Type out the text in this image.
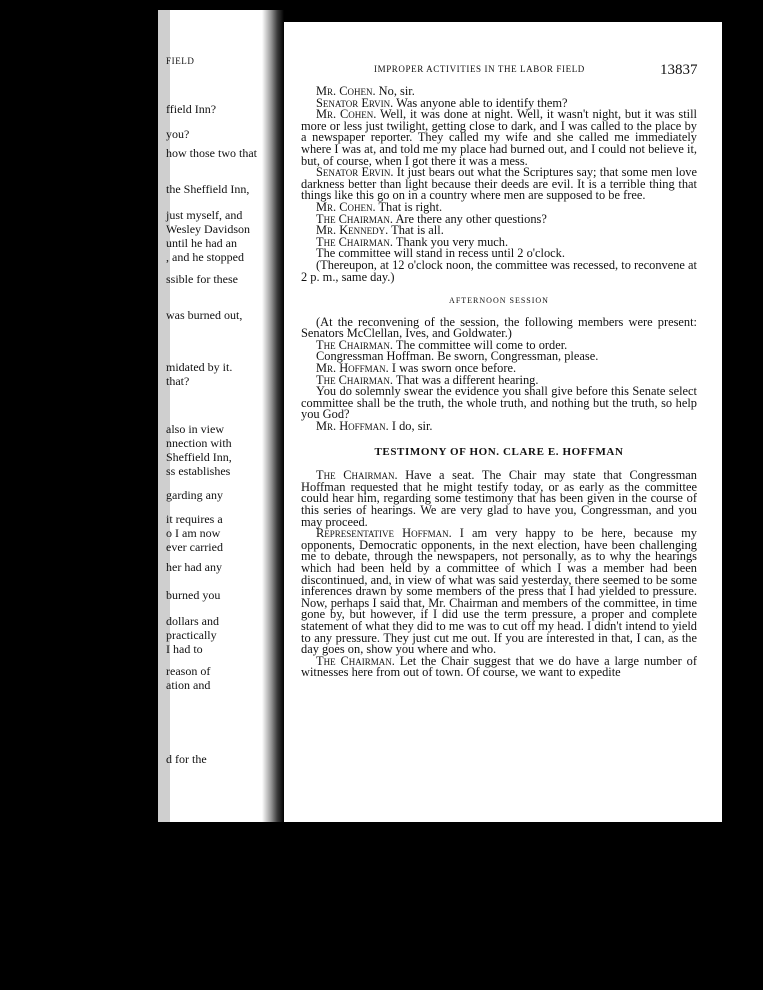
FIELD
ffield Inn?
you?
how those two that
the Sheffield Inn,
just myself, and
Wesley Davidson
until he had an
, and he stopped
ssible for these
was burned out,
midated by it.
that?
also in view
nnection with
Sheffield Inn,
ss establishes
garding any
it requires a
o I am now
ever carried
her had any
burned you
dollars and
practically
I had to
reason of
ation and
d for the
IMPROPER ACTIVITIES IN THE LABOR FIELD	13837

Mr. Cohen. No, sir.

Senator Ervin. Was anyone able to identify them?

Mr. Cohen. Well, it was done at night. Well, it wasn't night, but it was still more or less just twilight, getting close to dark, and I was called to the place by a newspaper reporter. They called my wife and she called me immediately where I was at, and told me my place had burned out, and I could not believe it, but, of course, when I got there it was a mess.

Senator Ervin. It just bears out what the Scriptures say; that some men love darkness better than light because their deeds are evil. It is a terrible thing that things like this go on in a country where men are supposed to be free.

Mr. Cohen. That is right.

The Chairman. Are there any other questions?

Mr. Kennedy. That is all.

The Chairman. Thank you very much.

The committee will stand in recess until 2 o'clock.

(Thereupon, at 12 o'clock noon, the committee was recessed, to reconvene at 2 p. m., same day.)

AFTERNOON SESSION

(At the reconvening of the session, the following members were present: Senators McClellan, Ives, and Goldwater.)

The Chairman. The committee will come to order.

Congressman Hoffman. Be sworn, Congressman, please.

Mr. Hoffman. I was sworn once before.

The Chairman. That was a different hearing.

You do solemnly swear the evidence you shall give before this Senate select committee shall be the truth, the whole truth, and nothing but the truth, so help you God?

Mr. Hoffman. I do, sir.

TESTIMONY OF HON. CLARE E. HOFFMAN

The Chairman. Have a seat. The Chair may state that Congressman Hoffman requested that he might testify today, or as early as the committee could hear him, regarding some testimony that has been given in the course of this series of hearings. We are very glad to have you, Congressman, and you may proceed.

Representative Hoffman. I am very happy to be here, because my opponents, Democratic opponents, in the next election, have been challenging me to debate, through the newspapers, not personally, as to why the hearings which had been held by a committee of which I was a member had been discontinued, and, in view of what was said yesterday, there seemed to be some inferences drawn by some members of the press that I had yielded to pressure. Now, perhaps I said that, Mr. Chairman and members of the committee, in time gone by, but however, if I did use the term pressure, a proper and complete statement of what they did to me was to cut off my head. I didn't intend to yield to any pressure. They just cut me out. If you are interested in that, I can, as the day goes on, show you where and who.

The Chairman. Let the Chair suggest that we do have a large number of witnesses here from out of town. Of course, we want to expedite
